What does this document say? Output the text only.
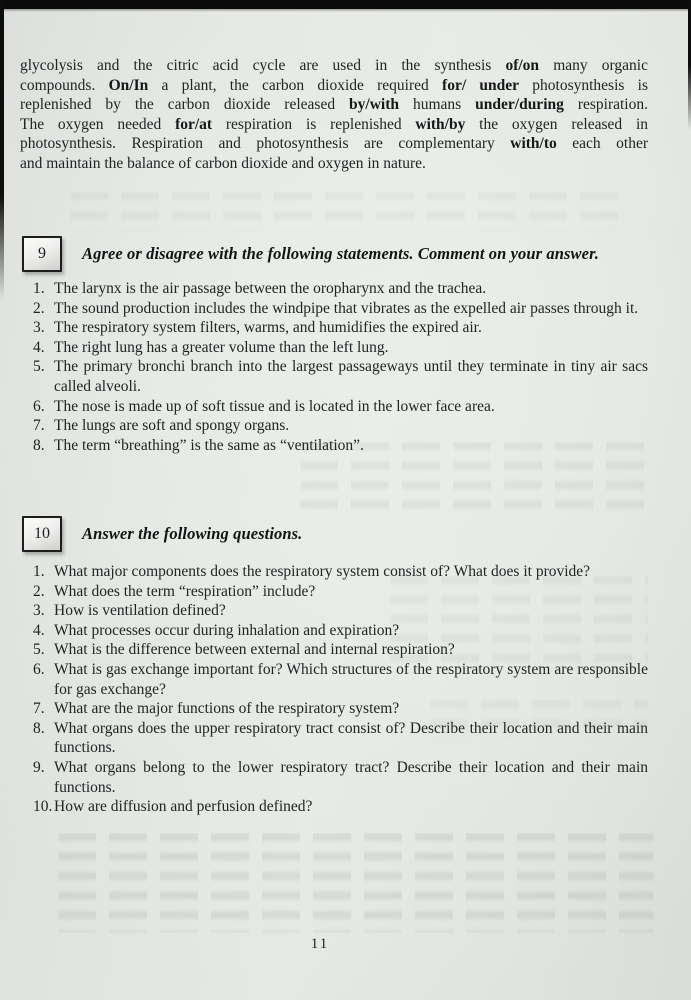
glycolysis and the citric acid cycle are used in the synthesis of/on many organic
compounds. On/In a plant, the carbon dioxide required for/ under photosynthesis is
replenished by the carbon dioxide released by/with humans under/during respiration.
The oxygen needed for/at respiration is replenished with/by the oxygen released in
photosynthesis. Respiration and photosynthesis are complementary with/to each other
and maintain the balance of carbon dioxide and oxygen in nature.
9 Agree or disagree with the following statements. Comment on your answer.
1. The larynx is the air passage between the oropharynx and the trachea.
2. The sound production includes the windpipe that vibrates as the expelled air passes through it.
3. The respiratory system filters, warms, and humidifies the expired air.
4. The right lung has a greater volume than the left lung.
5. The primary bronchi branch into the largest passageways until they terminate in tiny air sacs called alveoli.
6. The nose is made up of soft tissue and is located in the lower face area.
7. The lungs are soft and spongy organs.
8. The term “breathing” is the same as “ventilation”.
10 Answer the following questions.
1. What major components does the respiratory system consist of? What does it provide?
2. What does the term “respiration” include?
3. How is ventilation defined?
4. What processes occur during inhalation and expiration?
5. What is the difference between external and internal respiration?
6. What is gas exchange important for? Which structures of the respiratory system are responsible for gas exchange?
7. What are the major functions of the respiratory system?
8. What organs does the upper respiratory tract consist of? Describe their location and their main functions.
9. What organs belong to the lower respiratory tract? Describe their location and their main functions.
10. How are diffusion and perfusion defined?
11
